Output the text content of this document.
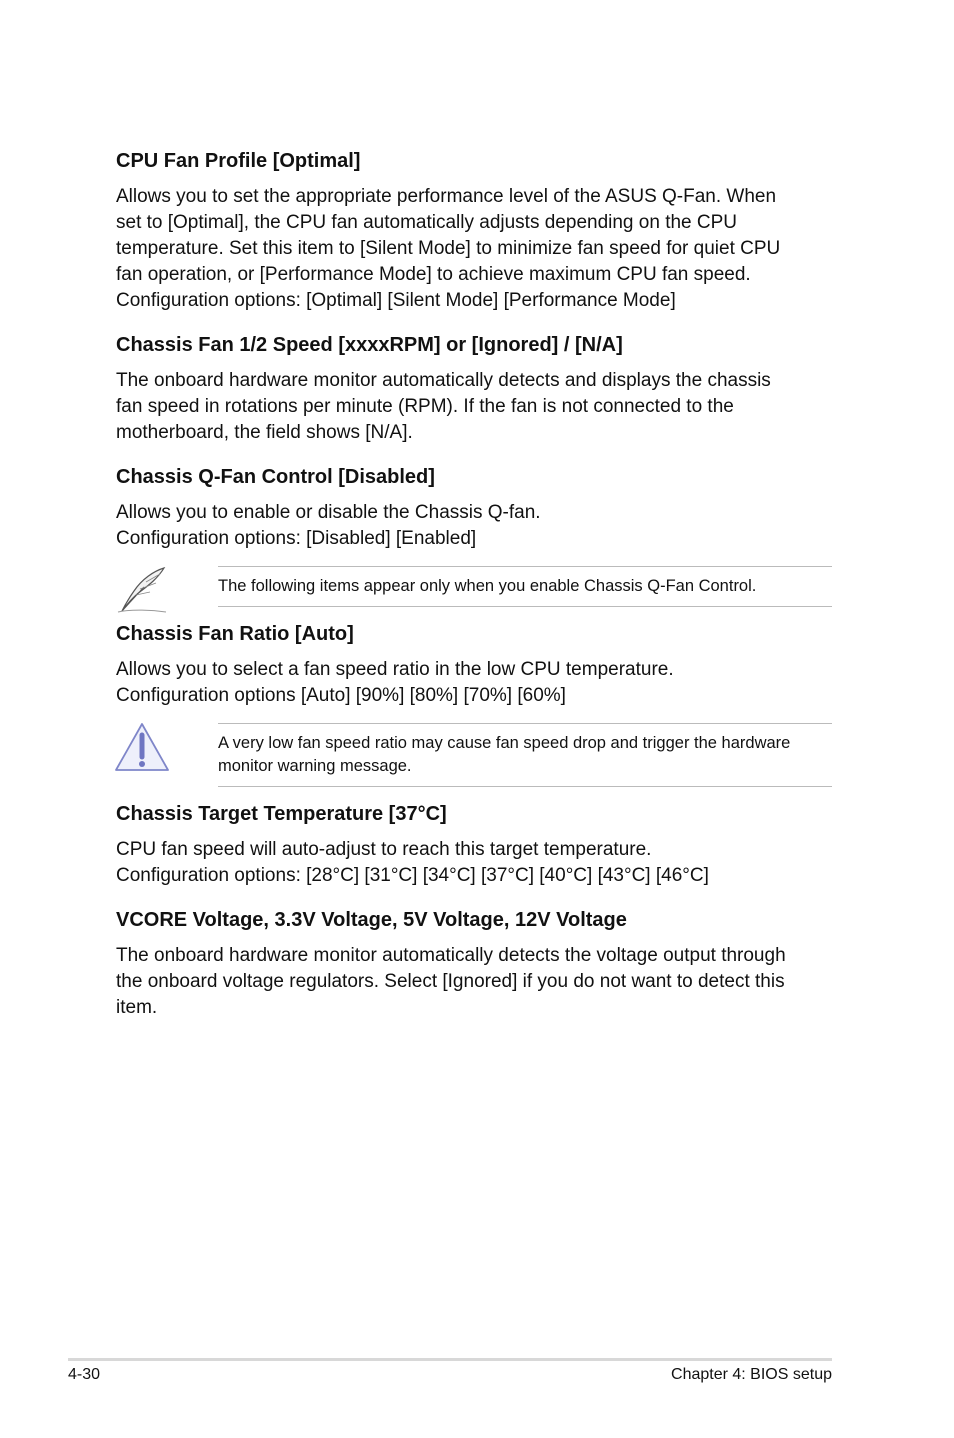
CPU Fan Profile [Optimal]

Allows you to set the appropriate performance level of the ASUS Q-Fan. When
set to [Optimal], the CPU fan automatically adjusts depending on the CPU
temperature. Set this item to [Silent Mode] to minimize fan speed for quiet CPU
fan operation, or [Performance Mode] to achieve maximum CPU fan speed.
Configuration options: [Optimal] [Silent Mode] [Performance Mode]

Chassis Fan 1/2 Speed [xxxxRPM] or [Ignored] / [N/A]

The onboard hardware monitor automatically detects and displays the chassis
fan speed in rotations per minute (RPM). If the fan is not connected to the
motherboard, the field shows [N/A].

Chassis Q-Fan Control [Disabled]

Allows you to enable or disable the Chassis Q-fan.
Configuration options: [Disabled] [Enabled]

The following items appear only when you enable Chassis Q-Fan Control.
Chassis Fan Ratio [Auto]

Allows you to select a fan speed ratio in the low CPU temperature.
Configuration options [Auto] [90%] [80%] [70%] [60%]

A very low fan speed ratio may cause fan speed drop and trigger the hardware
monitor warning message.
Chassis Target Temperature [37°C]

CPU fan speed will auto-adjust to reach this target temperature.
Configuration options: [28°C] [31°C] [34°C] [37°C] [40°C] [43°C] [46°C]

VCORE Voltage, 3.3V Voltage, 5V Voltage, 12V Voltage

The onboard hardware monitor automatically detects the voltage output through
the onboard voltage regulators. Select [Ignored] if you do not want to detect this
item.

4-30	Chapter 4: BIOS setup
